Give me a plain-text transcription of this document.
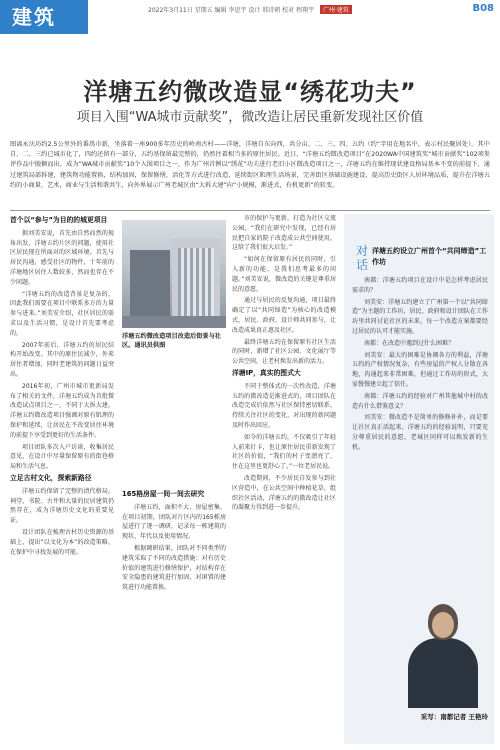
建筑	2022年3月11日 星期五 编辑 李思宇 设计 邢诗朝 校对 程翔宇 广州·建筑	B08
洋塘五约微改造显“绣花功夫”
项目入围“WA城市贡献奖”，微改造让居民重新发现社区价值
图离永庆坊约2.5公里外的番禺市新，坐落着一座900多年历史的岭南古村——洋塘，洋塘自东向西，共分亩、二、三、四、五约（约“字用在地名中，表示村民聚居处）。其中自、二、三约已城市化了，四约还留有一部分，五约基保留最完整的，仍然往着相当多的原住居民。近日，“洋塘五约微改造项目”在2020WA中国建筑奖“城市贡献奖”102项参评作品中脱颖而出，成为“WA城市贡献奖”10个入围项目之一，作为广州首例以“绣花”功夫进行老旧小区微改造项目之一，洋塘五约在维持现状建设格局基本不变的前提下，通过建筑局部拆建，建筑物功能置换，结构加固，保留修缮，活化等方式进行改造，延续街区肌理生活场景，完善街区基础设施建设，提高历史街区人居环境品质，提升在洋塘五约的小商量，艺术，商业与生活和谐共生，向外界展示广州老城区由“大拆大建”向“小规模，渐进式，有机更新”的转变。
首个以“参与”为目的的城更项目

据刘美安说，首先由自然而然的视角出发，洋塘五约片区的问题，使用社区居民现在所面对的区域环境。首先与居民沟通，感受社区的物件，十年前的洋塘地区居住人数较多，然而也存在不少问题。

“洋塘五约的改造背景是复杂的，因此我们需要在项目中联系多方的力量参与进来。”刘美安介绍，社区居民的需求以及生活习惯，是设计首先要考虑的。

2007年前后，洋塘五约的居民结构开始改变。其中的原住民减少，外来居住者增加，同时老建筑的问题日益突出。

2016年初，广州市城市更新局发布了相关的文件，洋塘五约成为首批微改造试点项目之一，不同于大拆大建，洋塘五约微改造项目强调对原有肌理的保护和延续，让居民在不改变居住环境的前提下享受到更好的生活条件。

项目团队多次入户访谈，收集居民意见，在设计中尽量保留原有的街巷格局和生活气息。

立足古村文化，探索新路径

洋塘五约保留了完整的清代格局，祠堂、书院、古井和大量的民居建筑仍然存在，成为洋塘历史文化的重要见证。

设计团队在梳理古村历史资源的基础上，提出“以文化为本”的改造策略，在保护中寻找发展的可能。

洋塘五约微改造项目改造后街景与社区。通讯员供图
165格房屋一间一间去研究

洋塘五约，面积不大，房屋密集，在项目初期，团队对片区内的165栋房屋进行了逐一调研，记录每一栋建筑的现状、年代以及使用情况。

根据调研结果，团队对不同类型的建筑采取了不同的改造措施：对有历史价值的建筑进行修缮保护，对结构存在安全隐患的建筑进行加固，对闲置的建筑进行功能置换。

市的保护与更新，打造为社区交流公园，“我们在研究中发现，已经有居民把自家的院子改造成公共空间使用，这给了我们很大启发。”

“如何在保留原有居民的同时，引入新的功能，是我们思考最多的问题。”刘美安说，微改造的关键是尊重居民的意愿。

通过与居民的反复沟通，项目最终确定了以“共同缔造”为核心的改造模式，居民、政府、设计师共同参与，让改造成果真正惠及社区。

最终洋塘五约在保留原有社区生活的同时，新增了社区公园、文化展厅等公共空间，让老村焕发出新的活力。

洋塘IP，真实的图式大

不同于整体式的一次性改造，洋塘五约的微改造是渐进式的，项目团队在改造完成后依然与社区保持密切联系，持续关注社区的变化，对出现的新问题及时作出回应。

如今的洋塘五约，不仅吸引了年轻人前来打卡，也让原住居民重新发现了社区的价值，“我们的村子变漂亮了，住在这里也更舒心了。”一位老居民说。

改造期间，不少居民自发参与到社区营造中，在公共空间中种植花草，组织社区活动，洋塘五约的微改造让社区的凝聚力得到进一步提升。

对话
洋塘五约设立广州首个“共同缔造”工作坊

南都：洋塘五约项目在设计中是怎样考虑居民需求的？

刘美安：洋塘五约建立了广州第一个以“共同缔造”为主题的工作坊，居民、政府和设计团队在工作坊里共同讨论社区的未来，每一个改造方案都要经过居民的认可才能实施。

南都：在改造中遇到过什么困难？

刘美安：最大的困难是协调各方的利益，洋塘五约的产权情况复杂，有些房屋的产权人分散在各地，沟通起来非常困难，但通过工作坊的形式，大家慢慢建立起了信任。

南都：洋塘五约的经验对广州其他城中村的改造有什么借鉴意义？

刘美安：微改造不是简单的修修补补，而是要让社区真正活起来，洋塘五约的经验说明，只要充分尊重居民的意愿，老城区同样可以焕发新的生机。

采写：南都记者 王艳玲
